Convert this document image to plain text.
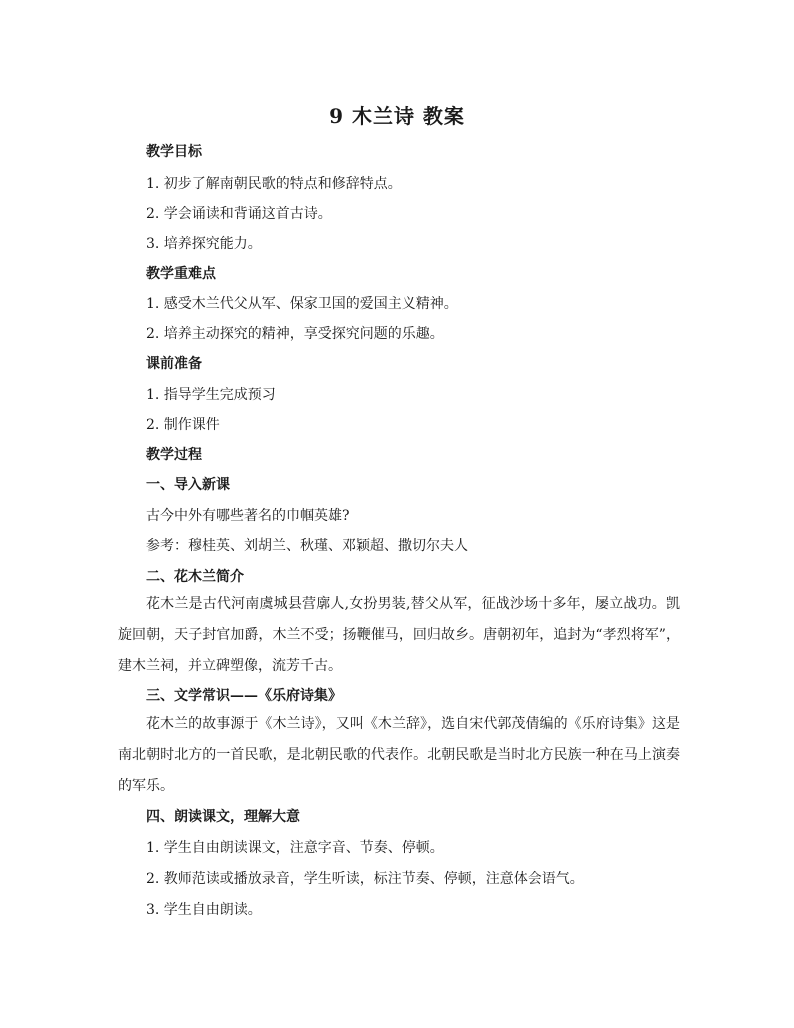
9 木兰诗 教案
教学目标
1. 初步了解南朝民歌的特点和修辞特点。
2. 学会诵读和背诵这首古诗。
3. 培养探究能力。
教学重难点
1. 感受木兰代父从军、保家卫国的爱国主义精神。
2. 培养主动探究的精神，享受探究问题的乐趣。
课前准备
1. 指导学生完成预习
2. 制作课件
教学过程
一、导入新课
古今中外有哪些著名的巾帼英雄?
参考：穆桂英、刘胡兰、秋瑾、邓颖超、撒切尔夫人
二、花木兰简介
花木兰是古代河南虞城县营廓人,女扮男装,替父从军，征战沙场十多年，屡立战功。凯旋回朝，天子封官加爵，木兰不受；扬鞭催马，回归故乡。唐朝初年，追封为“孝烈将军”，建木兰祠，并立碑塑像，流芳千古。
三、文学常识——《乐府诗集》
花木兰的故事源于《木兰诗》，又叫《木兰辞》，选自宋代郭茂倩编的《乐府诗集》这是南北朝时北方的一首民歌，是北朝民歌的代表作。北朝民歌是当时北方民族一种在马上演奏的军乐。
四、朗读课文，理解大意
1. 学生自由朗读课文，注意字音、节奏、停顿。
2. 教师范读或播放录音，学生听读，标注节奏、停顿，注意体会语气。
3. 学生自由朗读。
